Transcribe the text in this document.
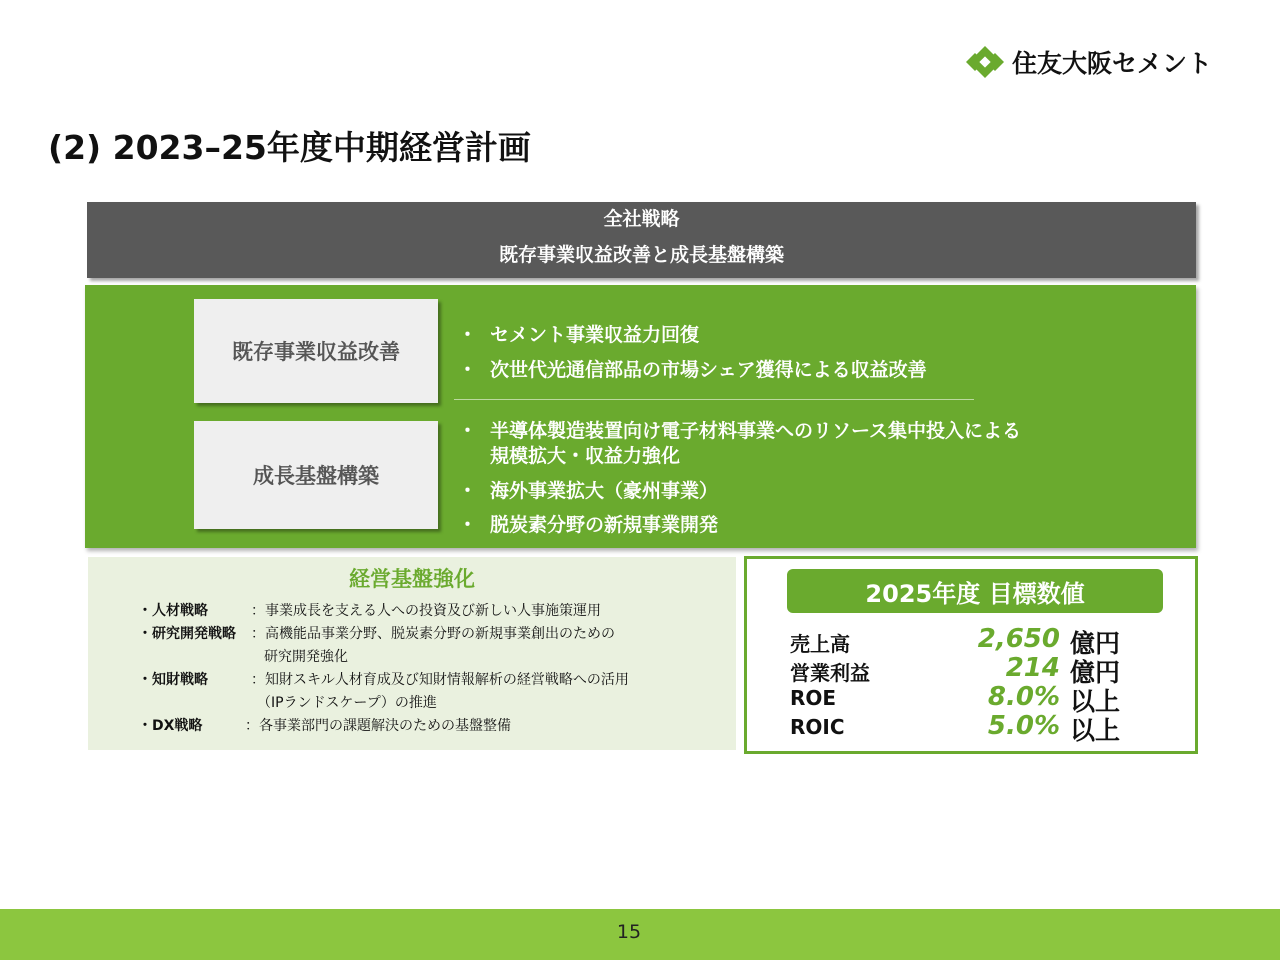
住友大阪セメント
(2) 2023–25年度中期経営計画
全社戦略
既存事業収益改善と成長基盤構築
既存事業収益改善
成長基盤構築
・ セメント事業収益力回復
・ 次世代光通信部品の市場シェア獲得による収益改善
・ 半導体製造装置向け電子材料事業へのリソース集中投入による
規模拡大・収益力強化
・ 海外事業拡大（豪州事業）
・ 脱炭素分野の新規事業開発
経営基盤強化
・人材戦略	：事業成長を支える人への投資及び新しい人事施策運用
・研究開発戦略 ：高機能品事業分野、脱炭素分野の新規事業創出のための
研究開発強化
・知財戦略	：知財スキル人材育成及び知財情報解析の経営戦略への活用
（IPランドスケープ）の推進
・DX戦略	：各事業部門の課題解決のための基盤整備
2025年度 目標数値
売上高	2,650 億円
営業利益	214 億円
ROE	8.0% 以上
ROIC	5.0% 以上
15
